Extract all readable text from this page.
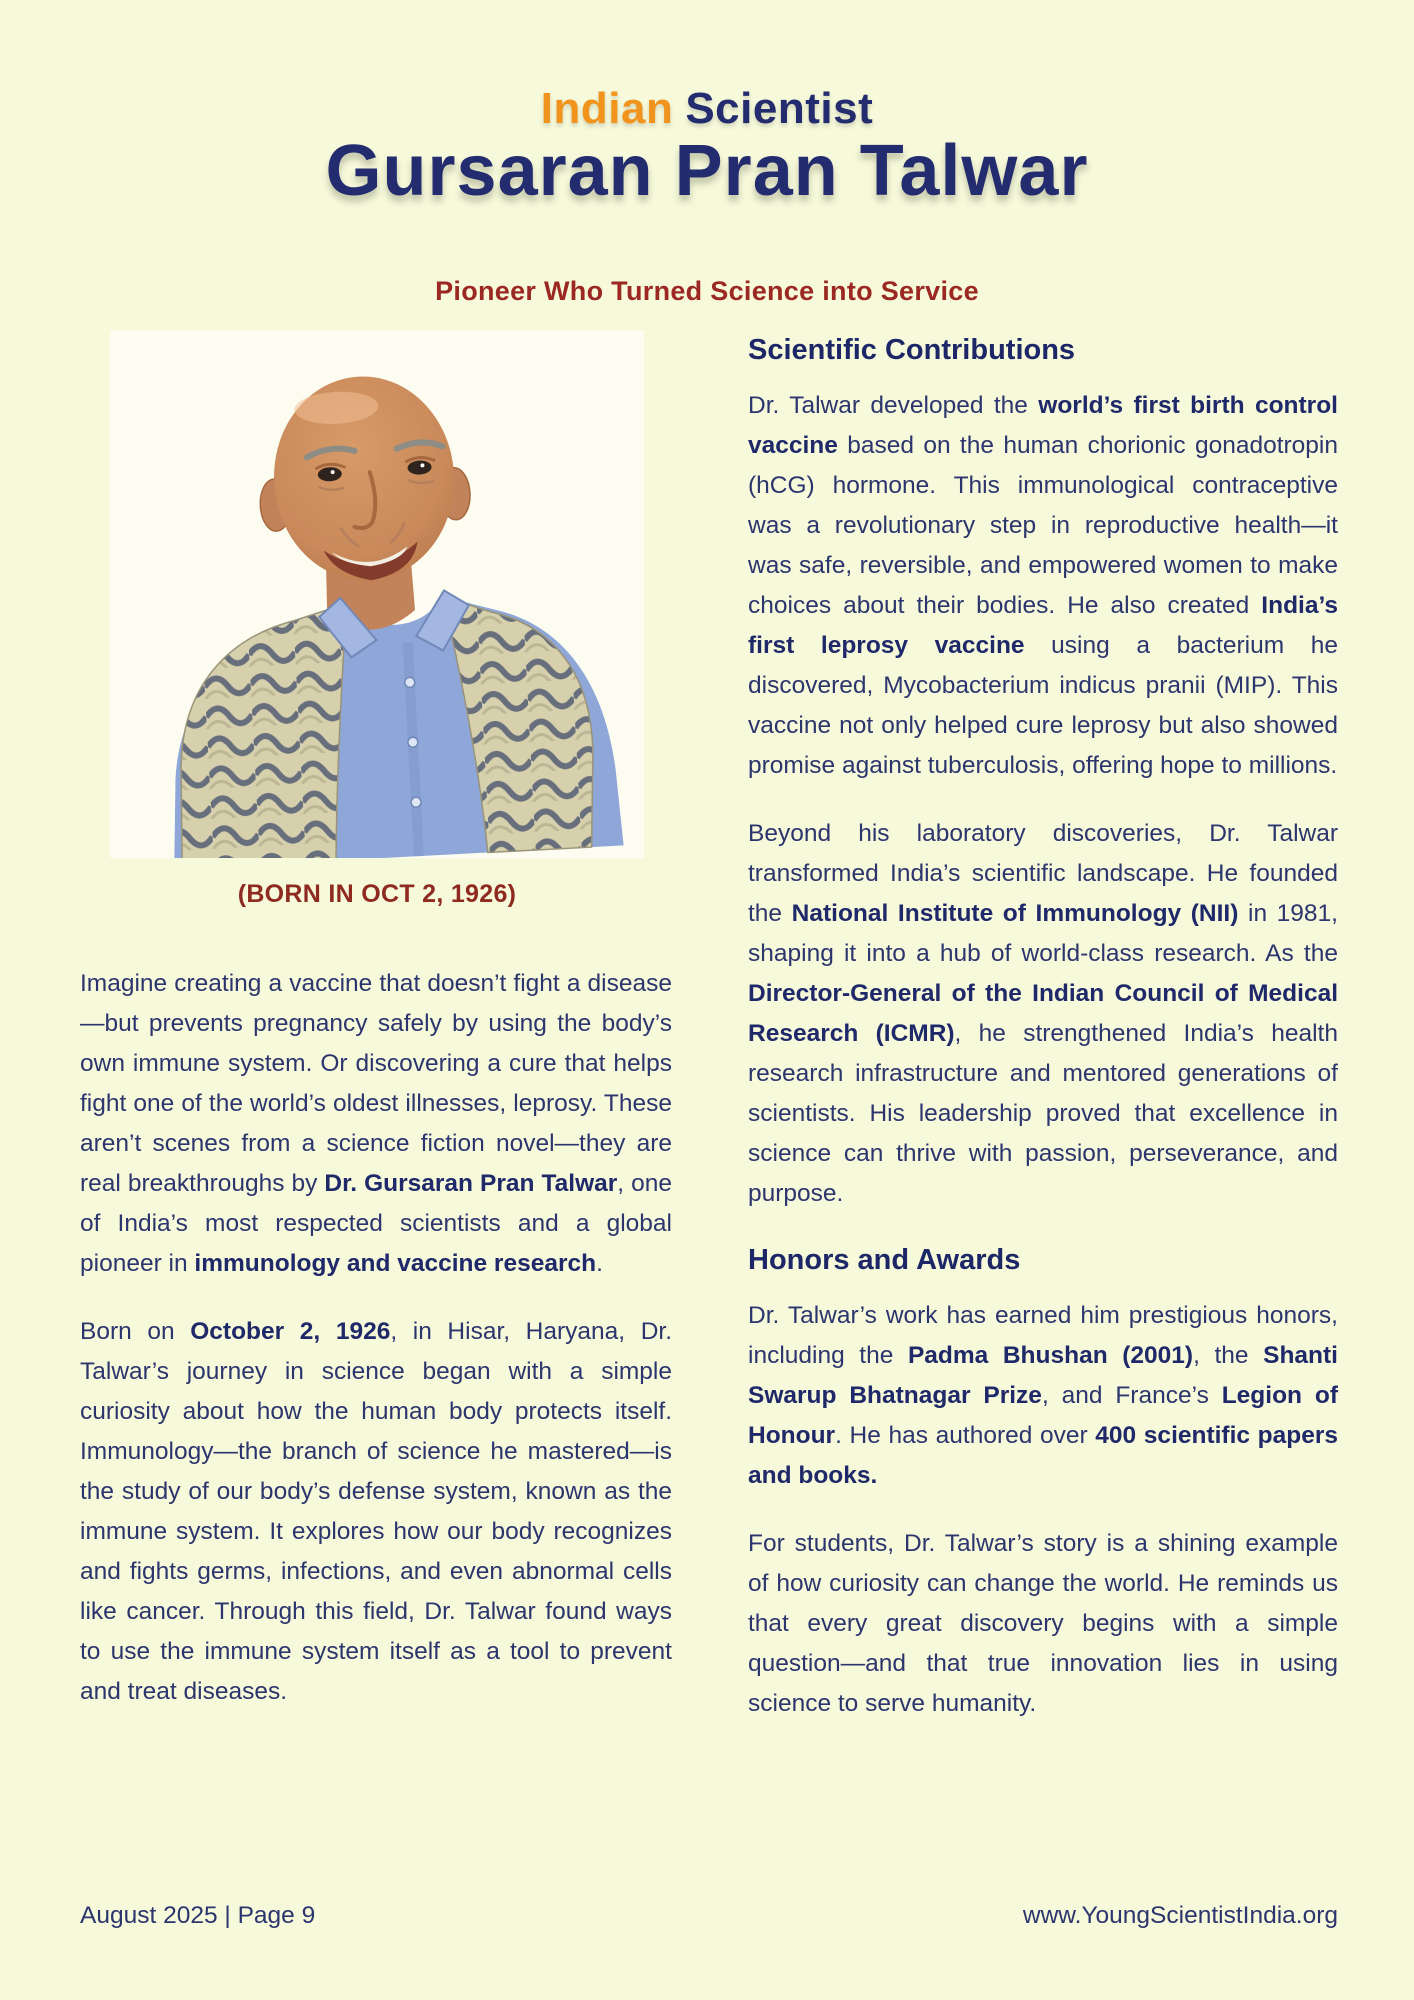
Indian Scientist
Gursaran Pran Talwar
Pioneer Who Turned Science into Service
(BORN IN OCT 2, 1926)

Imagine creating a vaccine that doesn’t fight a disease—but prevents pregnancy safely by using the body’s own immune system. Or discovering a cure that helps fight one of the world’s oldest illnesses, leprosy. These aren’t scenes from a science fiction novel—they are real breakthroughs by Dr. Gursaran Pran Talwar, one of India’s most respected scientists and a global pioneer in immunology and vaccine research.

Born on October 2, 1926, in Hisar, Haryana, Dr. Talwar’s journey in science began with a simple curiosity about how the human body protects itself. Immunology—the branch of science he mastered—is the study of our body’s defense system, known as the immune system. It explores how our body recognizes and fights germs, infections, and even abnormal cells like cancer. Through this field, Dr. Talwar found ways to use the immune system itself as a tool to prevent and treat diseases.

Scientific Contributions

Dr. Talwar developed the world’s first birth control vaccine based on the human chorionic gonadotropin (hCG) hormone. This immunological contraceptive was a revolutionary step in reproductive health—it was safe, reversible, and empowered women to make choices about their bodies. He also created India’s first leprosy vaccine using a bacterium he discovered, Mycobacterium indicus pranii (MIP). This vaccine not only helped cure leprosy but also showed promise against tuberculosis, offering hope to millions.

Beyond his laboratory discoveries, Dr. Talwar transformed India’s scientific landscape. He founded the National Institute of Immunology (NII) in 1981, shaping it into a hub of world-class research. As the Director-General of the Indian Council of Medical Research (ICMR), he strengthened India’s health research infrastructure and mentored generations of scientists. His leadership proved that excellence in science can thrive with passion, perseverance, and purpose.

Honors and Awards

Dr. Talwar’s work has earned him prestigious honors, including the Padma Bhushan (2001), the Shanti Swarup Bhatnagar Prize, and France’s Legion of Honour. He has authored over 400 scientific papers and books.

For students, Dr. Talwar’s story is a shining example of how curiosity can change the world. He reminds us that every great discovery begins with a simple question—and that true innovation lies in using science to serve humanity.

August 2025 | Page 9	www.YoungScientistIndia.org
